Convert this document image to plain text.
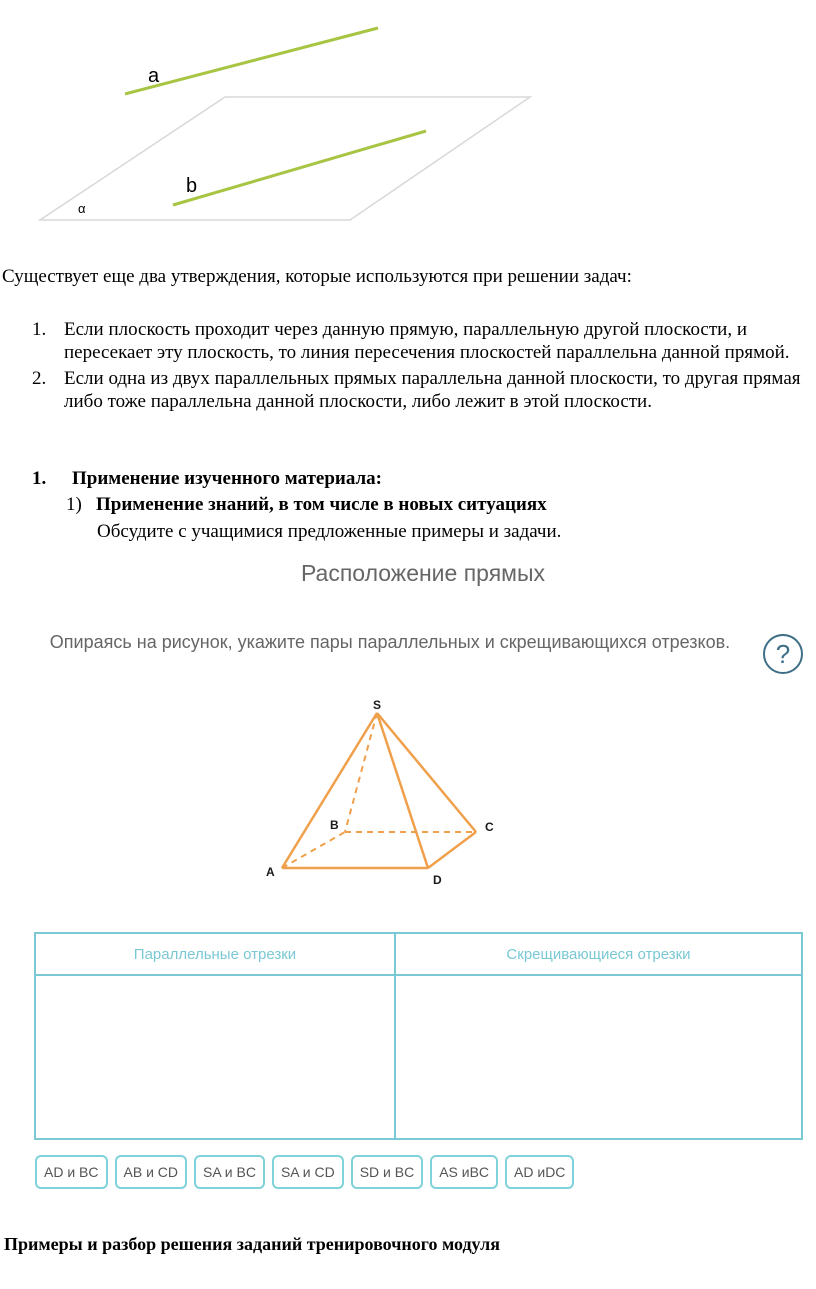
a
b
α
Существует еще два утверждения, которые используются при решении задач:
1. Если плоскость проходит через данную прямую, параллельную другой плоскости, и пересекает эту плоскость, то линия пересечения плоскостей параллельна данной прямой.
2. Если одна из двух параллельных прямых параллельна данной плоскости, то другая прямая либо тоже параллельна данной плоскости, либо лежит в этой плоскости.
1. Применение изученного материала:
1) Применение знаний, в том числе в новых ситуациях
Обсудите с учащимися предложенные примеры и задачи.
Расположение прямых
Опираясь на рисунок, укажите пары параллельных и скрещивающихся отрезков.	?
S
B	C
A
D
Параллельные отрезки	Скрещивающиеся отрезки

AD и BC	AB и CD	SA и BC	SA и CD	SD и BC	AS иBC	AD иDC
Примеры и разбор решения заданий тренировочного модуля
